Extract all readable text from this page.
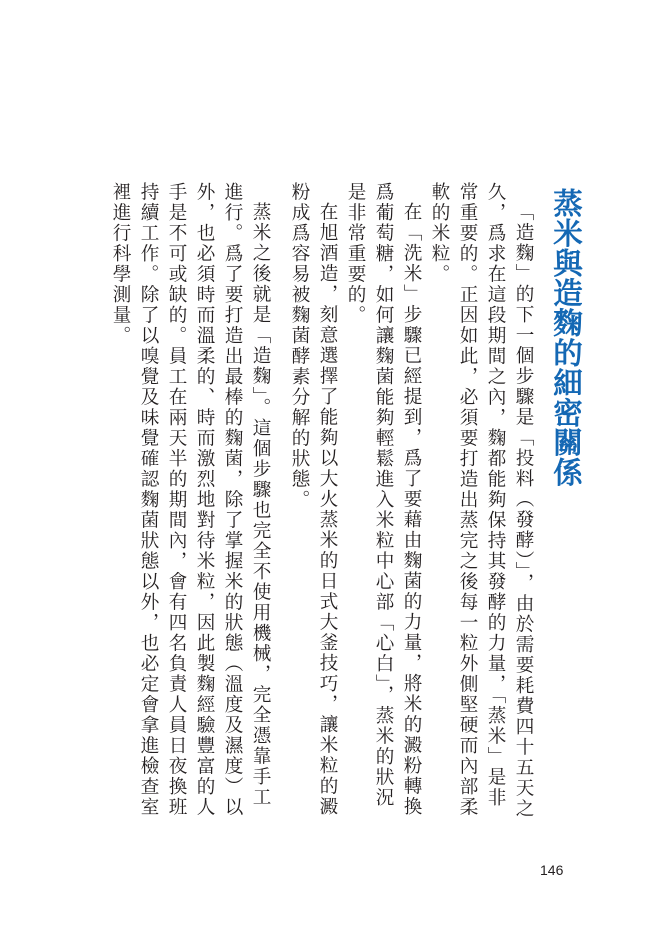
蒸米與造麴的細密關係

「造麴」的下一個步驟是「投料（發酵）」，由於需要耗費四十五天之久，爲求在這段期間之內，麴都能夠保持其發酵的力量，「蒸米」是非常重要的。正因如此，必須要打造出蒸完之後每一粒外側堅硬而內部柔軟的米粒。

在「洗米」步驟已經提到，爲了要藉由麴菌的力量，將米的澱粉轉換爲葡萄糖，如何讓麴菌能夠輕鬆進入米粒中心部「心白」，蒸米的狀況是非常重要的。

在旭酒造，刻意選擇了能夠以大火蒸米的日式大釜技巧，讓米粒的澱粉成爲容易被麴菌酵素分解的狀態。

蒸米之後就是「造麴」。這個步驟也完全不使用機械，完全憑靠手工進行。爲了要打造出最棒的麴菌，除了掌握米的狀態（溫度及濕度）以外，也必須時而溫柔的、時而激烈地對待米粒，因此製麴經驗豐富的人手是不可或缺的。員工在兩天半的期間內，會有四名負責人員日夜換班持續工作。除了以嗅覺及味覺確認麴菌狀態以外，也必定會拿進檢查室裡進行科學測量。

146
